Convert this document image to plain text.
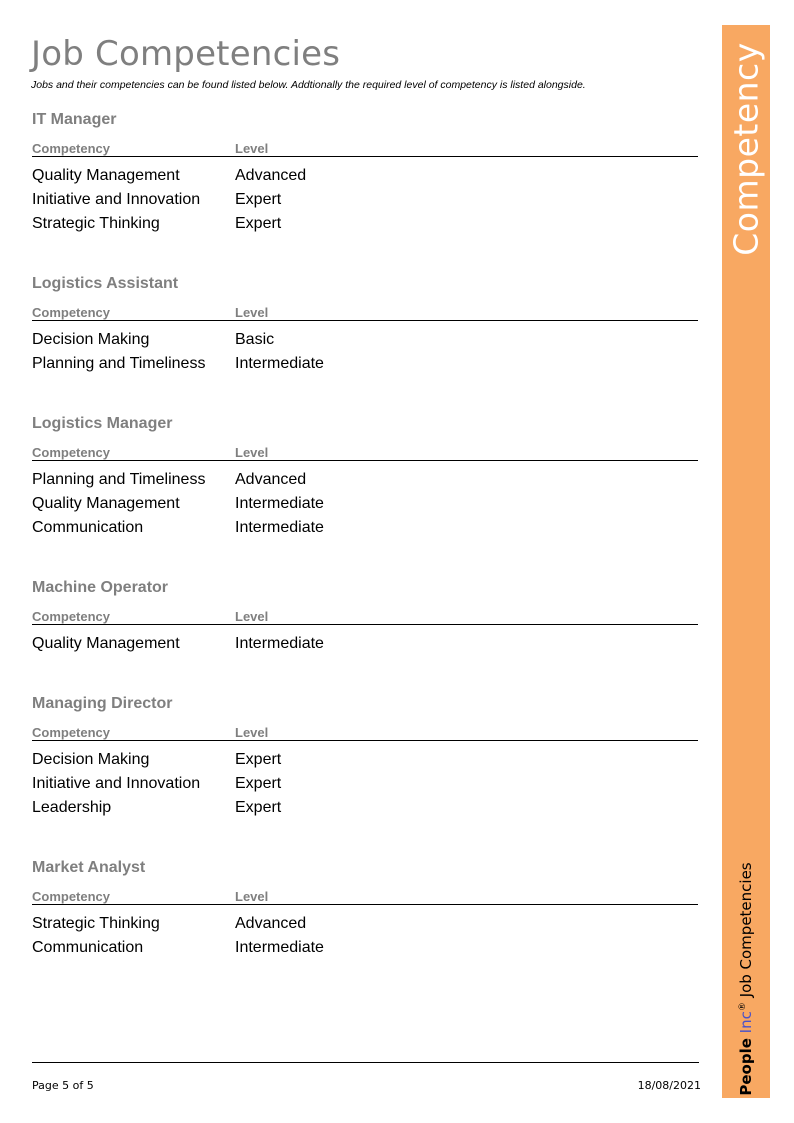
Job Competencies
Jobs and their competencies can be found listed below. Addtionally the required level of competency is listed alongside.
IT Manager
Competency	Level
Quality Management	Advanced
Initiative and Innovation Expert
Strategic Thinking	Expert
Logistics Assistant
Competency	Level
Decision Making	Basic
Planning and Timeliness Intermediate
Logistics Manager
Competency	Level
Planning and Timeliness Advanced
Quality Management	Intermediate
Communication	Intermediate
Machine Operator
Competency	Level
Quality Management	Intermediate
Managing Director
Competency	Level
Decision Making	Expert
Initiative and Innovation Expert
Leadership	Expert
Market Analyst
Competency	Level
Strategic Thinking	Advanced
Communication	Intermediate
Page 5 of 5	18/08/2021
Competency
People Inc® Job Competencies
